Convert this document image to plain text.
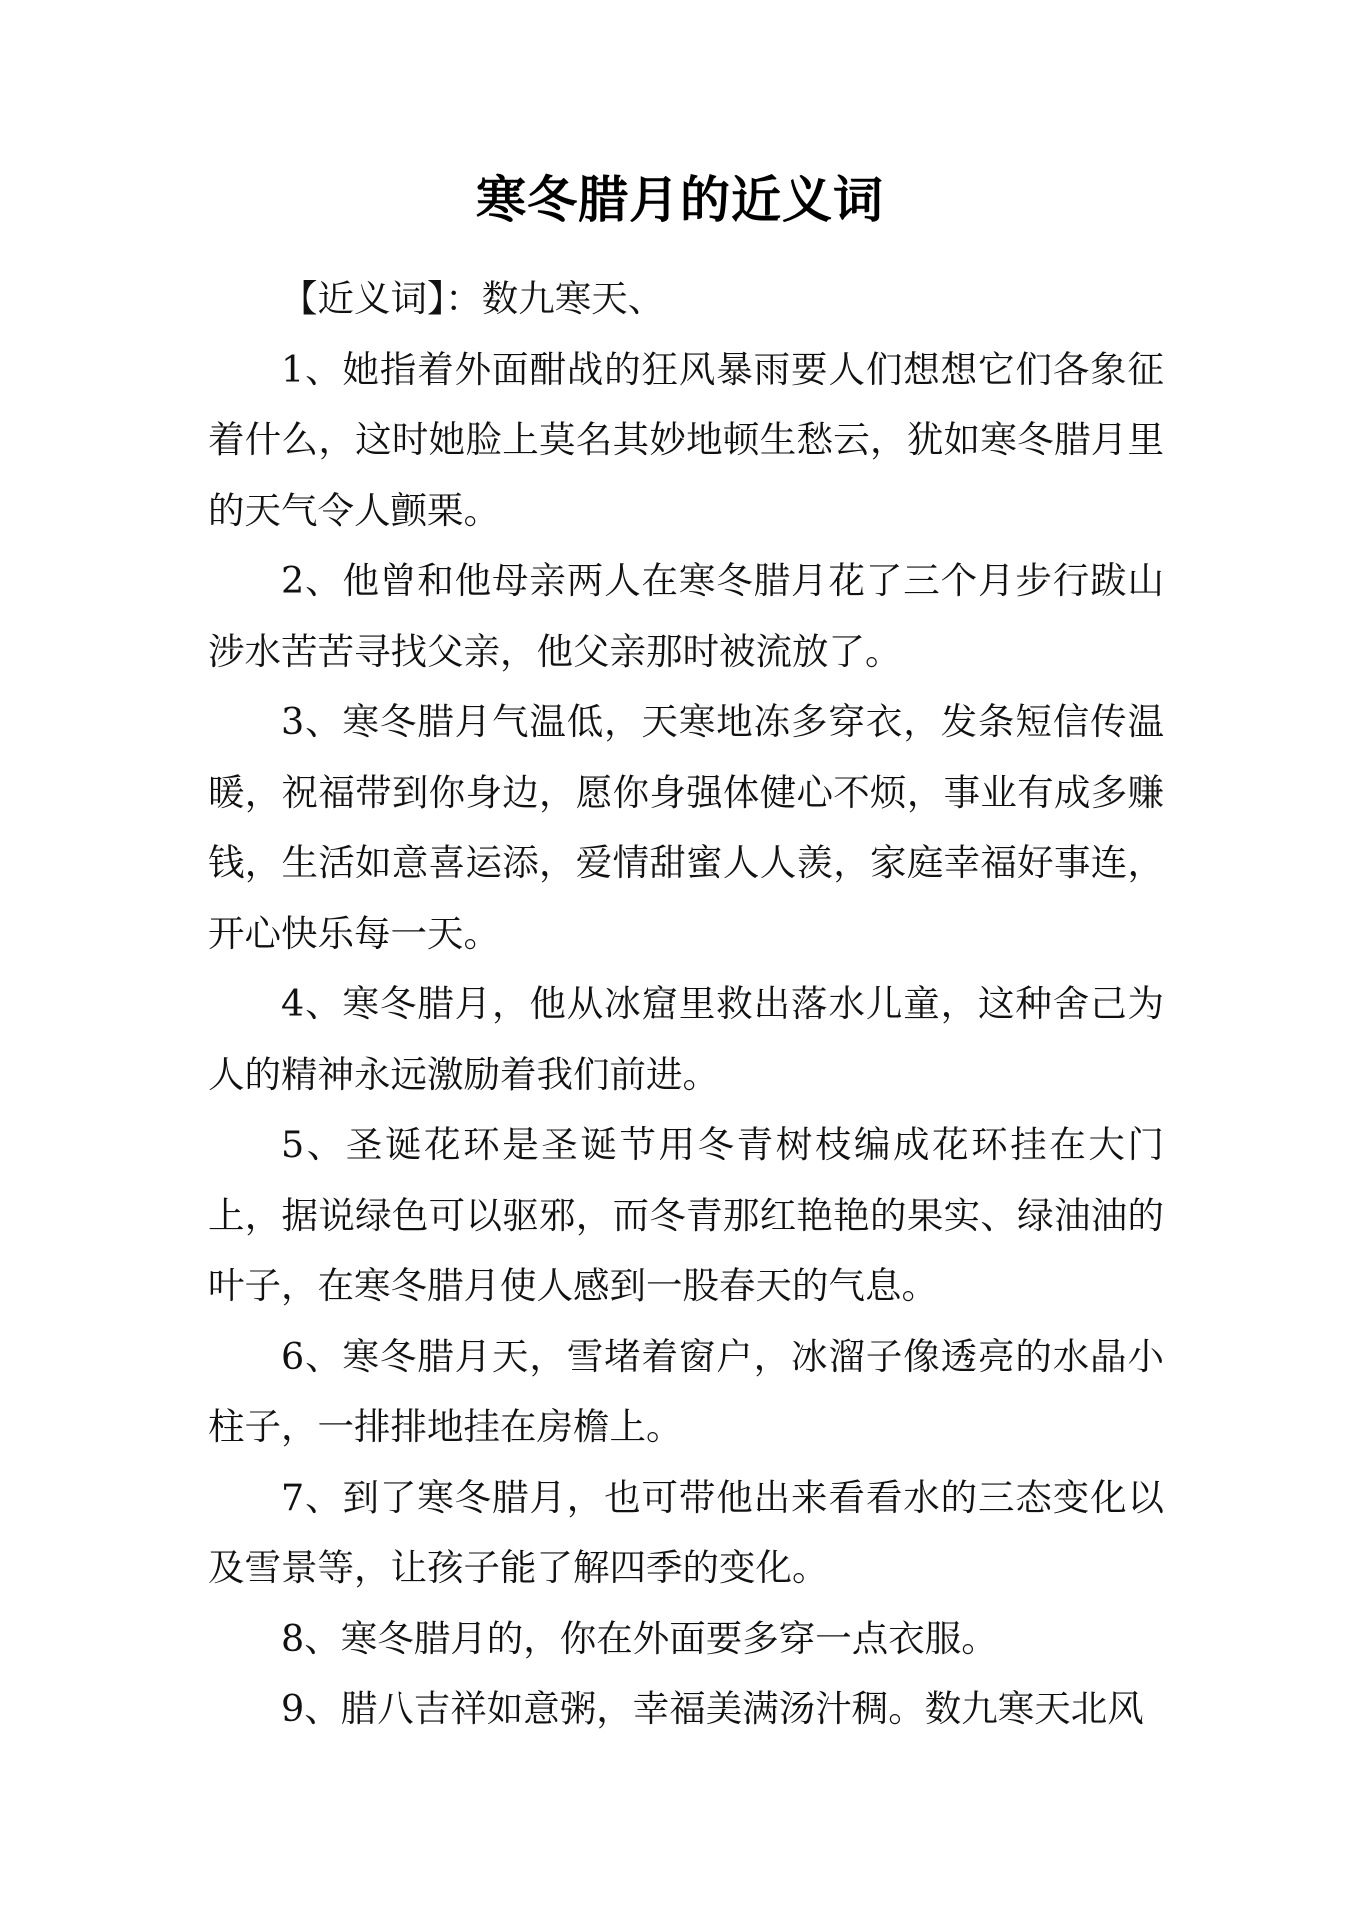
寒冬腊月的近义词

【近义词】：数九寒天、

1、她指着外面酣战的狂风暴雨要人们想想它们各象征着什么，这时她脸上莫名其妙地顿生愁云，犹如寒冬腊月里的天气令人颤栗。

2、他曾和他母亲两人在寒冬腊月花了三个月步行跋山涉水苦苦寻找父亲，他父亲那时被流放了。

3、寒冬腊月气温低，天寒地冻多穿衣，发条短信传温暖，祝福带到你身边，愿你身强体健心不烦，事业有成多赚钱，生活如意喜运添，爱情甜蜜人人羡，家庭幸福好事连，开心快乐每一天。

4、寒冬腊月，他从冰窟里救出落水儿童，这种舍己为人的精神永远激励着我们前进。

5、圣诞花环是圣诞节用冬青树枝编成花环挂在大门上，据说绿色可以驱邪，而冬青那红艳艳的果实、绿油油的叶子，在寒冬腊月使人感到一股春天的气息。

6、寒冬腊月天，雪堵着窗户，冰溜子像透亮的水晶小柱子，一排排地挂在房檐上。

7、到了寒冬腊月，也可带他出来看看水的三态变化以及雪景等，让孩子能了解四季的变化。

8、寒冬腊月的，你在外面要多穿一点衣服。

9、腊八吉祥如意粥，幸福美满汤汁稠。数九寒天北风
